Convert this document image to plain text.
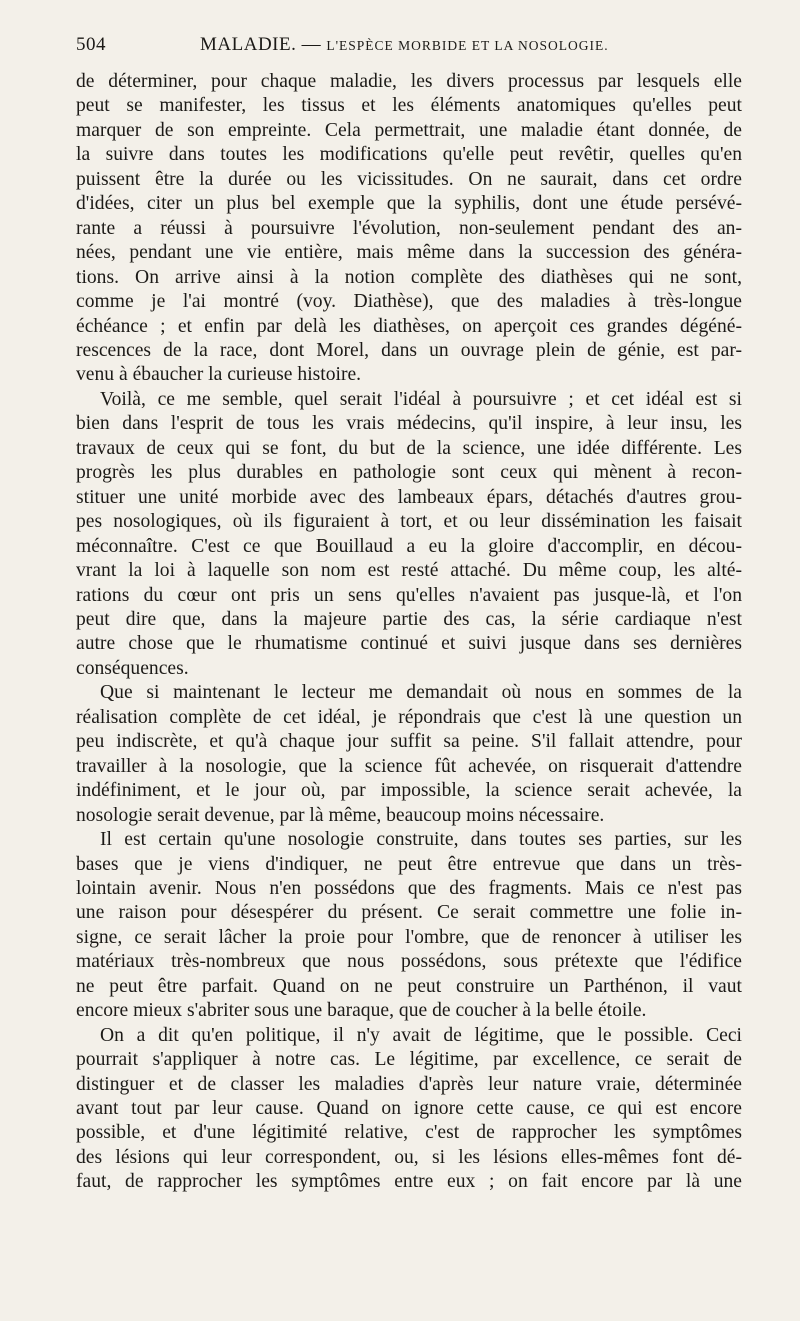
504	MALADIE. — L'ESPÈCE MORBIDE ET LA NOSOLOGIE.
de déterminer, pour chaque maladie, les divers processus par lesquels elle
peut se manifester, les tissus et les éléments anatomiques qu'elles peut
marquer de son empreinte. Cela permettrait, une maladie étant donnée, de
la suivre dans toutes les modifications qu'elle peut revêtir, quelles qu'en
puissent être la durée ou les vicissitudes. On ne saurait, dans cet ordre
d'idées, citer un plus bel exemple que la syphilis, dont une étude persévé-
rante a réussi à poursuivre l'évolution, non-seulement pendant des an-
nées, pendant une vie entière, mais même dans la succession des généra-
tions. On arrive ainsi à la notion complète des diathèses qui ne sont,
comme je l'ai montré (voy. Diathèse), que des maladies à très-longue
échéance ; et enfin par delà les diathèses, on aperçoit ces grandes dégéné-
rescences de la race, dont Morel, dans un ouvrage plein de génie, est par-
venu à ébaucher la curieuse histoire.
Voilà, ce me semble, quel serait l'idéal à poursuivre ; et cet idéal est si
bien dans l'esprit de tous les vrais médecins, qu'il inspire, à leur insu, les
travaux de ceux qui se font, du but de la science, une idée différente. Les
progrès les plus durables en pathologie sont ceux qui mènent à recon-
stituer une unité morbide avec des lambeaux épars, détachés d'autres grou-
pes nosologiques, où ils figuraient à tort, et ou leur dissémination les faisait
méconnaître. C'est ce que Bouillaud a eu la gloire d'accomplir, en décou-
vrant la loi à laquelle son nom est resté attaché. Du même coup, les alté-
rations du cœur ont pris un sens qu'elles n'avaient pas jusque-là, et l'on
peut dire que, dans la majeure partie des cas, la série cardiaque n'est
autre chose que le rhumatisme continué et suivi jusque dans ses dernières
conséquences.
Que si maintenant le lecteur me demandait où nous en sommes de la
réalisation complète de cet idéal, je répondrais que c'est là une question un
peu indiscrète, et qu'à chaque jour suffit sa peine. S'il fallait attendre, pour
travailler à la nosologie, que la science fût achevée, on risquerait d'attendre
indéfiniment, et le jour où, par impossible, la science serait achevée, la
nosologie serait devenue, par là même, beaucoup moins nécessaire.
Il est certain qu'une nosologie construite, dans toutes ses parties, sur les
bases que je viens d'indiquer, ne peut être entrevue que dans un très-
lointain avenir. Nous n'en possédons que des fragments. Mais ce n'est pas
une raison pour désespérer du présent. Ce serait commettre une folie in-
signe, ce serait lâcher la proie pour l'ombre, que de renoncer à utiliser les
matériaux très-nombreux que nous possédons, sous prétexte que l'édifice
ne peut être parfait. Quand on ne peut construire un Parthénon, il vaut
encore mieux s'abriter sous une baraque, que de coucher à la belle étoile.
On a dit qu'en politique, il n'y avait de légitime, que le possible. Ceci
pourrait s'appliquer à notre cas. Le légitime, par excellence, ce serait de
distinguer et de classer les maladies d'après leur nature vraie, déterminée
avant tout par leur cause. Quand on ignore cette cause, ce qui est encore
possible, et d'une légitimité relative, c'est de rapprocher les symptômes
des lésions qui leur correspondent, ou, si les lésions elles-mêmes font dé-
faut, de rapprocher les symptômes entre eux ; on fait encore par là une
